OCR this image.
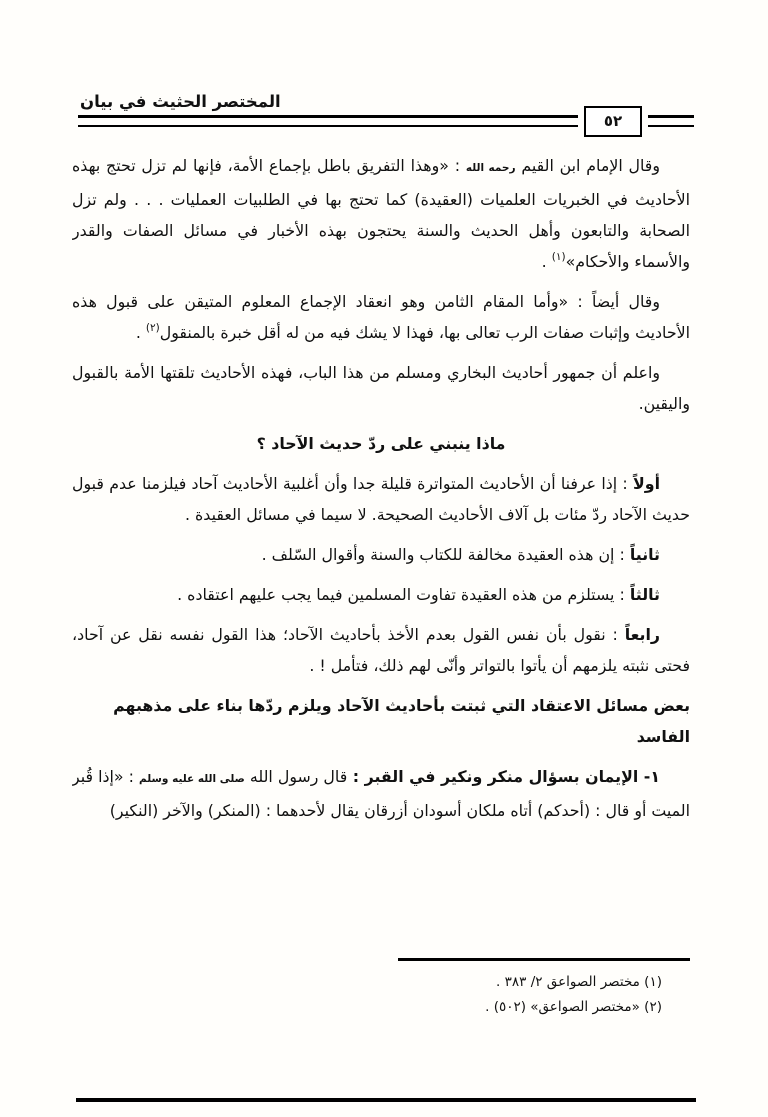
المختصر الحثيث في بيان
٥٢
وقال الإمام ابن القيم رحمه الله : «وهذا التفريق باطل بإجماع الأمة، فإنها لم تزل تحتج بهذه الأحاديث في الخبريات العلميات (العقيدة) كما تحتج بها في الطلبيات العمليات . . . ولم تزل الصحابة والتابعون وأهل الحديث والسنة يحتجون بهذه الأخبار في مسائل الصفات والقدر والأسماء والأحكام»$^{(١)}$ .
وقال أيضاً : «وأما المقام الثامن وهو انعقاد الإجماع المعلوم المتيقن على قبول هذه الأحاديث وإثبات صفات الرب تعالى بها، فهذا لا يشك فيه من له أقل خبرة بالمنقول$^{(٢)}$ .
واعلم أن جمهور أحاديث البخاري ومسلم من هذا الباب، فهذه الأحاديث تلقتها الأمة بالقبول واليقين.
ماذا ينبني على ردّ حديث الآحاد ؟
أولاً : إذا عرفنا أن الأحاديث المتواترة قليلة جدا وأن أغلبية الأحاديث آحاد فيلزمنا عدم قبول حديث الآحاد ردّ مئات بل آلاف الأحاديث الصحيحة. لا سيما في مسائل العقيدة .
ثانياً : إن هذه العقيدة مخالفة للكتاب والسنة وأقوال السّلف .
ثالثاً : يستلزم من هذه العقيدة تفاوت المسلمين فيما يجب عليهم اعتقاده .
رابعاً : نقول بأن نفس القول بعدم الأخذ بأحاديث الآحاد؛ هذا القول نفسه نقل عن آحاد، فحتى نثبته يلزمهم أن يأتوا بالتواتر وأنّى لهم ذلك، فتأمل ! .
بعض مسائل الاعتقاد التي ثبتت بأحاديث الآحاد ويلزم ردّها بناء على مذهبهم الفاسد
١- الإيمان بسؤال منكر ونكير في القبر : قال رسول الله صلى الله عليه وسلم : «إذا قُبر الميت أو قال : (أحدكم) أتاه ملكان أسودان أزرقان يقال لأحدهما : (المنكر) والآخر (النكير)
(١) مختصر الصواعق ٢/ ٣٨٣ .
(٢) «مختصر الصواعق» (٥٠٢) .
